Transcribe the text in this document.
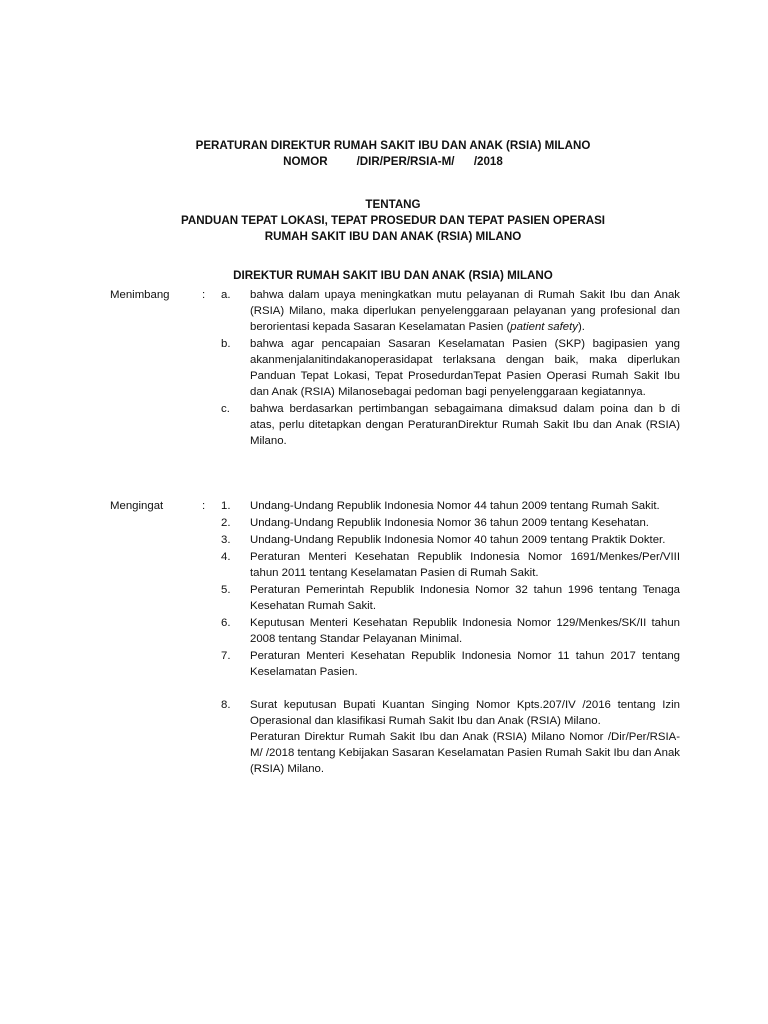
PERATURAN DIREKTUR RUMAH SAKIT IBU DAN ANAK (RSIA) MILANO
NOMOR         /DIR/PER/RSIA-M/      /2018
TENTANG
PANDUAN TEPAT LOKASI, TEPAT PROSEDUR DAN TEPAT PASIEN OPERASI
RUMAH SAKIT IBU DAN ANAK (RSIA) MILANO
DIREKTUR RUMAH SAKIT IBU DAN ANAK (RSIA) MILANO
Menimbang	:	a. bahwa dalam upaya meningkatkan mutu pelayanan di Rumah Sakit Ibu dan Anak (RSIA) Milano, maka diperlukan penyelenggaraan pelayanan yang profesional dan berorientasi kepada Sasaran Keselamatan Pasien (patient safety).
b. bahwa agar pencapaian Sasaran Keselamatan Pasien (SKP) bagipasien yang akanmenjalanitindakanoperasidapat terlaksana dengan baik, maka diperlukan Panduan Tepat Lokasi, Tepat ProsedurdanTepat Pasien Operasi Rumah Sakit Ibu dan Anak (RSIA) Milanosebagai pedoman bagi penyelenggaraan kegiatannya.
c. bahwa berdasarkan pertimbangan sebagaimana dimaksud dalam poina dan b di atas, perlu ditetapkan dengan PeraturanDirektur Rumah Sakit Ibu dan Anak (RSIA) Milano.
Mengingat	:	1. Undang-Undang Republik Indonesia Nomor 44 tahun 2009 tentang Rumah Sakit.
2. Undang-Undang Republik Indonesia Nomor 36 tahun 2009 tentang Kesehatan.
3. Undang-Undang Republik Indonesia Nomor 40 tahun 2009 tentang Praktik Dokter.
4. Peraturan Menteri Kesehatan Republik Indonesia Nomor 1691/Menkes/Per/VIII tahun 2011 tentang Keselamatan Pasien di Rumah Sakit.
5. Peraturan Pemerintah Republik Indonesia Nomor 32 tahun 1996 tentang Tenaga Kesehatan Rumah Sakit.
6. Keputusan Menteri Kesehatan Republik Indonesia Nomor 129/Menkes/SK/II tahun 2008 tentang Standar Pelayanan Minimal.
7. Peraturan Menteri Kesehatan Republik Indonesia Nomor 11 tahun 2017 tentang Keselamatan Pasien.
8. Surat keputusan Bupati Kuantan Singing Nomor Kpts.207/IV /2016 tentang Izin Operasional dan klasifikasi Rumah Sakit Ibu dan Anak (RSIA) Milano.
Peraturan Direktur Rumah Sakit Ibu dan Anak (RSIA) Milano Nomor /Dir/Per/RSIA-M/ /2018 tentang Kebijakan Sasaran Keselamatan Pasien Rumah Sakit Ibu dan Anak (RSIA) Milano.
